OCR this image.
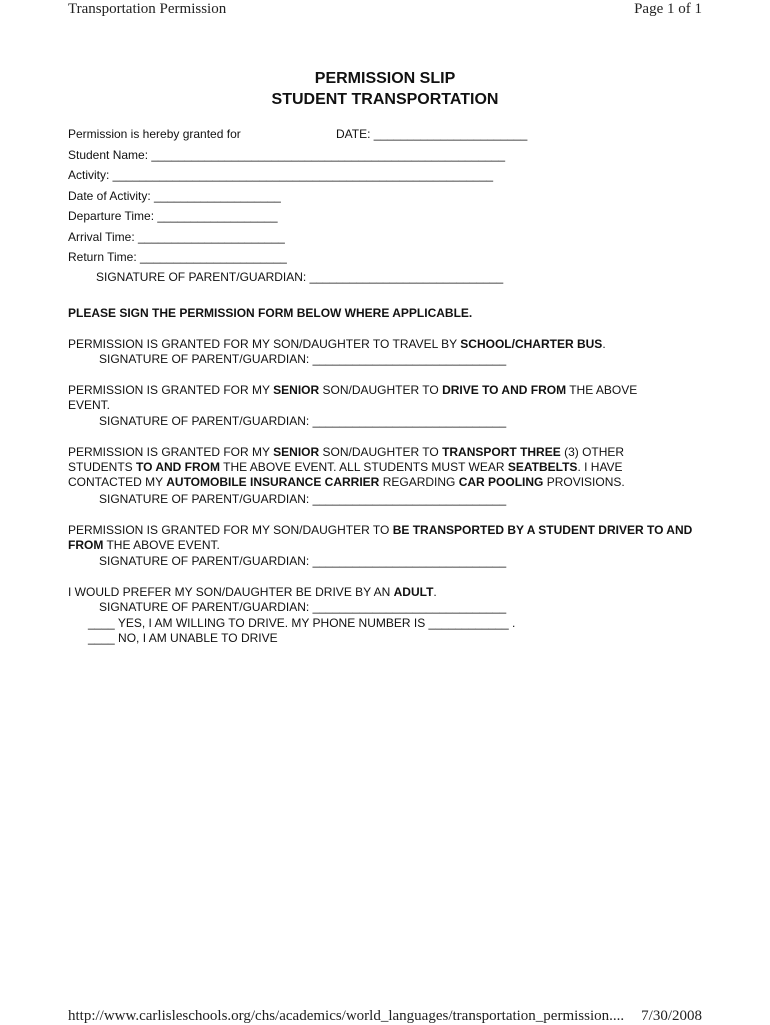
Transportation Permission	Page 1 of 1
PERMISSION SLIP
STUDENT TRANSPORTATION
Permission is hereby granted for	DATE: _______________________
Student Name: _____________________________________________________
Activity: _________________________________________________________
Date of Activity: ___________________
Departure Time: __________________
Arrival Time: ______________________
Return Time: ______________________
SIGNATURE OF PARENT/GUARDIAN: _____________________________
PLEASE SIGN THE PERMISSION FORM BELOW WHERE APPLICABLE.
PERMISSION IS GRANTED FOR MY SON/DAUGHTER TO TRAVEL BY SCHOOL/CHARTER BUS.
SIGNATURE OF PARENT/GUARDIAN: _____________________________
PERMISSION IS GRANTED FOR MY SENIOR SON/DAUGHTER TO DRIVE TO AND FROM THE ABOVE EVENT.
SIGNATURE OF PARENT/GUARDIAN: _____________________________
PERMISSION IS GRANTED FOR MY SENIOR SON/DAUGHTER TO TRANSPORT THREE (3) OTHER STUDENTS TO AND FROM THE ABOVE EVENT. ALL STUDENTS MUST WEAR SEATBELTS. I HAVE CONTACTED MY AUTOMOBILE INSURANCE CARRIER REGARDING CAR POOLING PROVISIONS.
SIGNATURE OF PARENT/GUARDIAN: _____________________________
PERMISSION IS GRANTED FOR MY SON/DAUGHTER TO BE TRANSPORTED BY A STUDENT DRIVER TO AND FROM THE ABOVE EVENT.
SIGNATURE OF PARENT/GUARDIAN: _____________________________
I WOULD PREFER MY SON/DAUGHTER BE DRIVE BY AN ADULT.
SIGNATURE OF PARENT/GUARDIAN: _____________________________
____ YES, I AM WILLING TO DRIVE. MY PHONE NUMBER IS ____________ .
____ NO, I AM UNABLE TO DRIVE
http://www.carlisleschools.org/chs/academics/world_languages/transportation_permission.... 7/30/2008
